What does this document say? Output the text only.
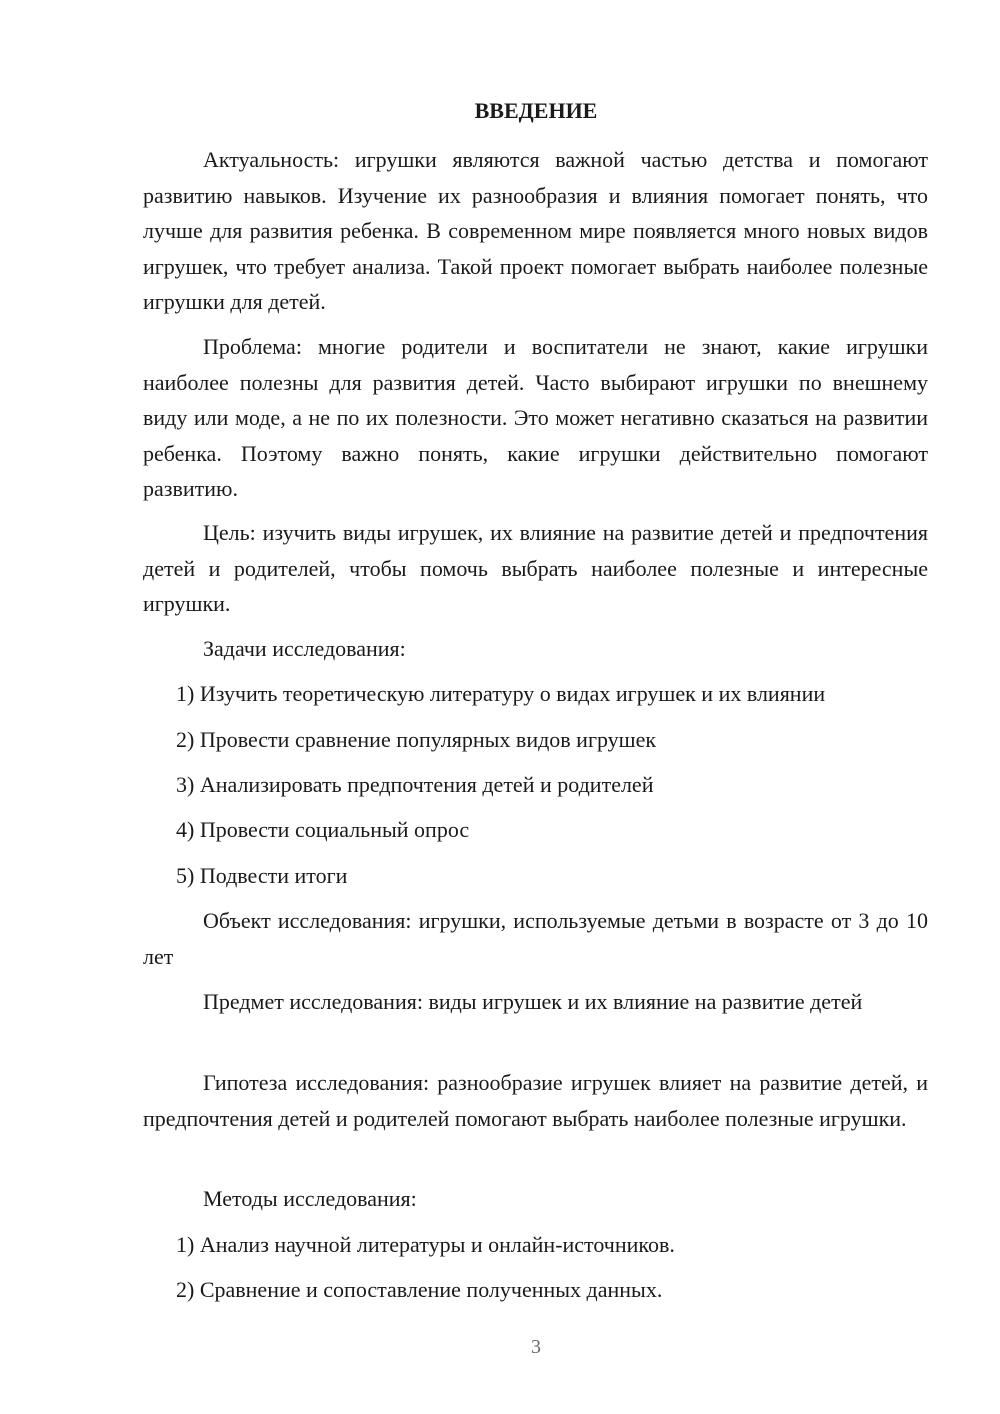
ВВЕДЕНИЕ

Актуальность: игрушки являются важной частью детства и помогают развитию навыков. Изучение их разнообразия и влияния помогает понять, что лучше для развития ребенка. В современном мире появляется много новых видов игрушек, что требует анализа. Такой проект помогает выбрать наиболее полезные игрушки для детей.

Проблема: многие родители и воспитатели не знают, какие игрушки наиболее полезны для развития детей. Часто выбирают игрушки по внешнему виду или моде, а не по их полезности. Это может негативно сказаться на развитии ребенка. Поэтому важно понять, какие игрушки действительно помогают развитию.

Цель: изучить виды игрушек, их влияние на развитие детей и предпочтения детей и родителей, чтобы помочь выбрать наиболее полезные и интересные игрушки.

Задачи исследования:

1) Изучить теоретическую литературу о видах игрушек и их влиянии

2) Провести сравнение популярных видов игрушек

3) Анализировать предпочтения детей и родителей

4) Провести социальный опрос

5) Подвести итоги

Объект исследования: игрушки, используемые детьми в возрасте от 3 до 10 лет

Предмет исследования: виды игрушек и их влияние на развитие детей

Гипотеза исследования: разнообразие игрушек влияет на развитие детей, и предпочтения детей и родителей помогают выбрать наиболее полезные игрушки.

Методы исследования:

1) Анализ научной литературы и онлайн-источников.

2) Сравнение и сопоставление полученных данных.

3
